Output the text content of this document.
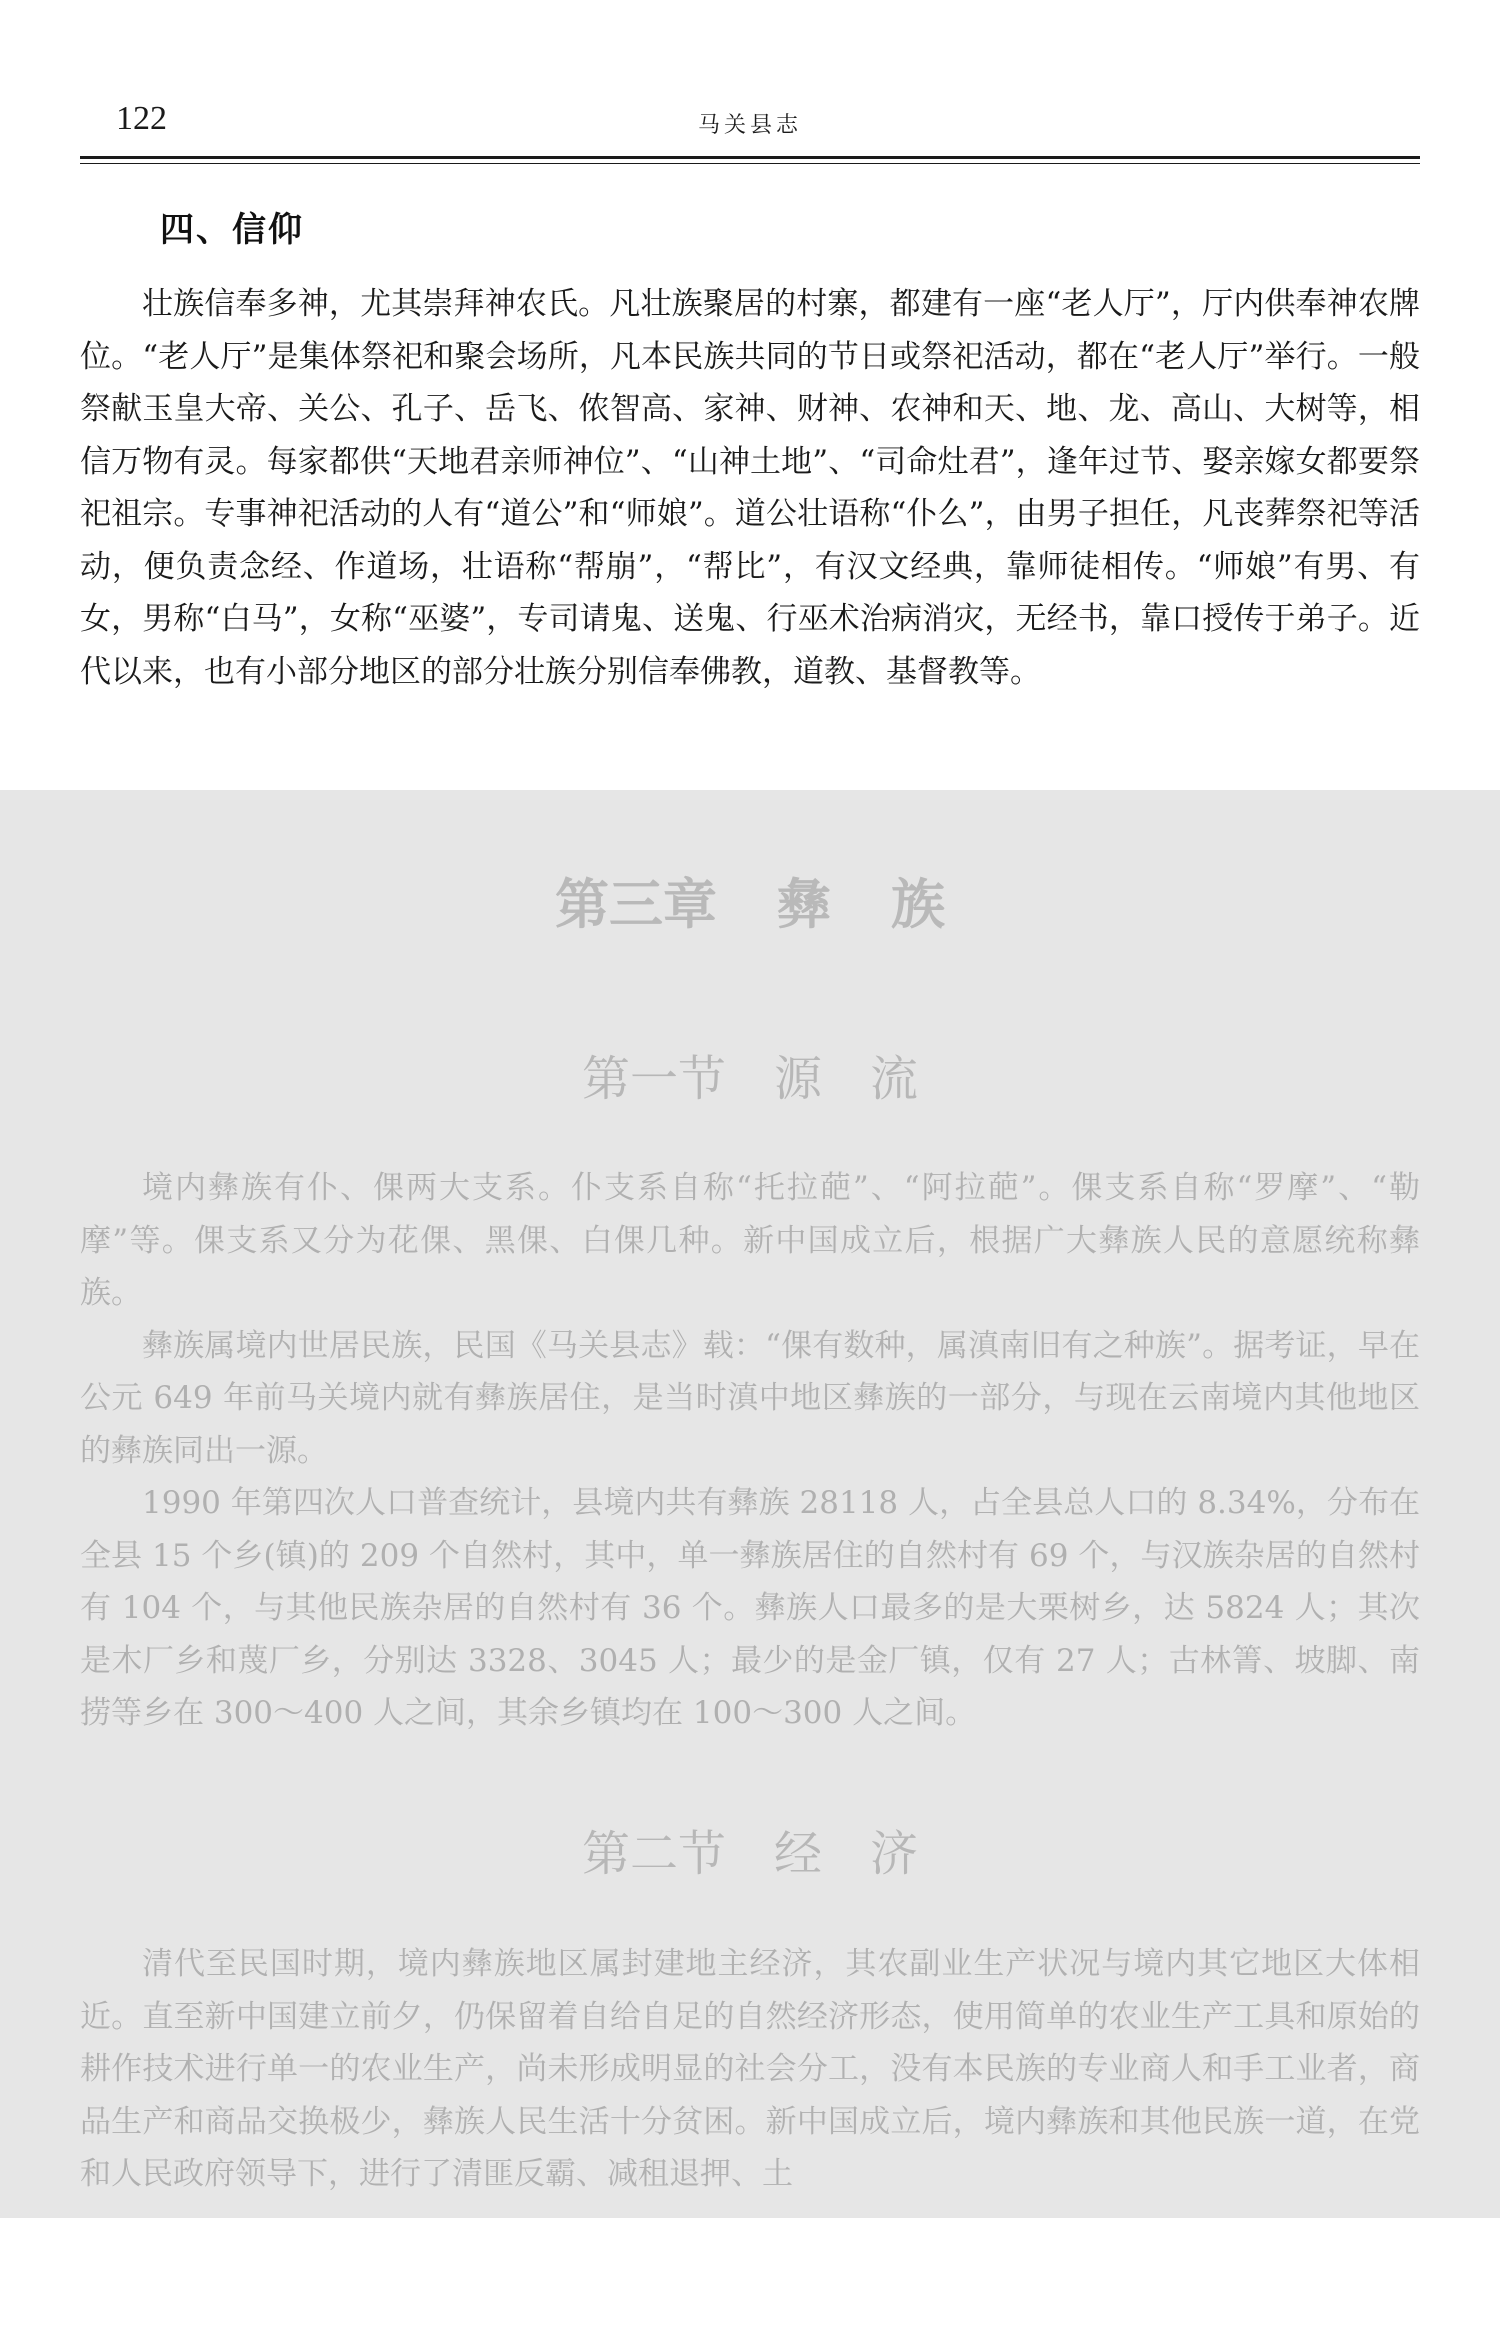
122	马关县志
四、信仰

壮族信奉多神，尤其崇拜神农氏。凡壮族聚居的村寨，都建有一座“老人厅”，厅内供奉神农牌位。“老人厅”是集体祭祀和聚会场所，凡本民族共同的节日或祭祀活动，都在“老人厅”举行。一般祭献玉皇大帝、关公、孔子、岳飞、侬智高、家神、财神、农神和天、地、龙、高山、大树等，相信万物有灵。每家都供“天地君亲师神位”、“山神土地”、“司命灶君”，逢年过节、娶亲嫁女都要祭祀祖宗。专事神祀活动的人有“道公”和“师娘”。道公壮语称“仆么”，由男子担任，凡丧葬祭祀等活动，便负责念经、作道场，壮语称“帮崩”，“帮比”，有汉文经典，靠师徒相传。“师娘”有男、有女，男称“白马”，女称“巫婆”，专司请鬼、送鬼、行巫术治病消灾，无经书，靠口授传于弟子。近代以来，也有小部分地区的部分壮族分别信奉佛教，道教、基督教等。

第三章 彝 族
第一节 源 流

境内彝族有仆、倮两大支系。仆支系自称“托拉葩”、“阿拉葩”。倮支系自称“罗摩”、“勒摩”等。倮支系又分为花倮、黑倮、白倮几种。新中国成立后，根据广大彝族人民的意愿统称彝族。

彝族属境内世居民族，民国《马关县志》载：“倮有数种，属滇南旧有之种族”。据考证，早在公元 649 年前马关境内就有彝族居住，是当时滇中地区彝族的一部分，与现在云南境内其他地区的彝族同出一源。

1990 年第四次人口普查统计，县境内共有彝族 28118 人，占全县总人口的 8.34%，分布在全县 15 个乡(镇)的 209 个自然村，其中，单一彝族居住的自然村有 69 个，与汉族杂居的自然村有 104 个，与其他民族杂居的自然村有 36 个。彝族人口最多的是大栗树乡，达 5824 人；其次是木厂乡和蔑厂乡，分别达 3328、3045 人；最少的是金厂镇，仅有 27 人；古林箐、坡脚、南捞等乡在 300～400 人之间，其余乡镇均在 100～300 人之间。

第二节 经 济

清代至民国时期，境内彝族地区属封建地主经济，其农副业生产状况与境内其它地区大体相近。直至新中国建立前夕，仍保留着自给自足的自然经济形态，使用简单的农业生产工具和原始的耕作技术进行单一的农业生产，尚未形成明显的社会分工，没有本民族的专业商人和手工业者，商品生产和商品交换极少，彝族人民生活十分贫困。新中国成立后，境内彝族和其他民族一道，在党和人民政府领导下，进行了清匪反霸、减租退押、土
